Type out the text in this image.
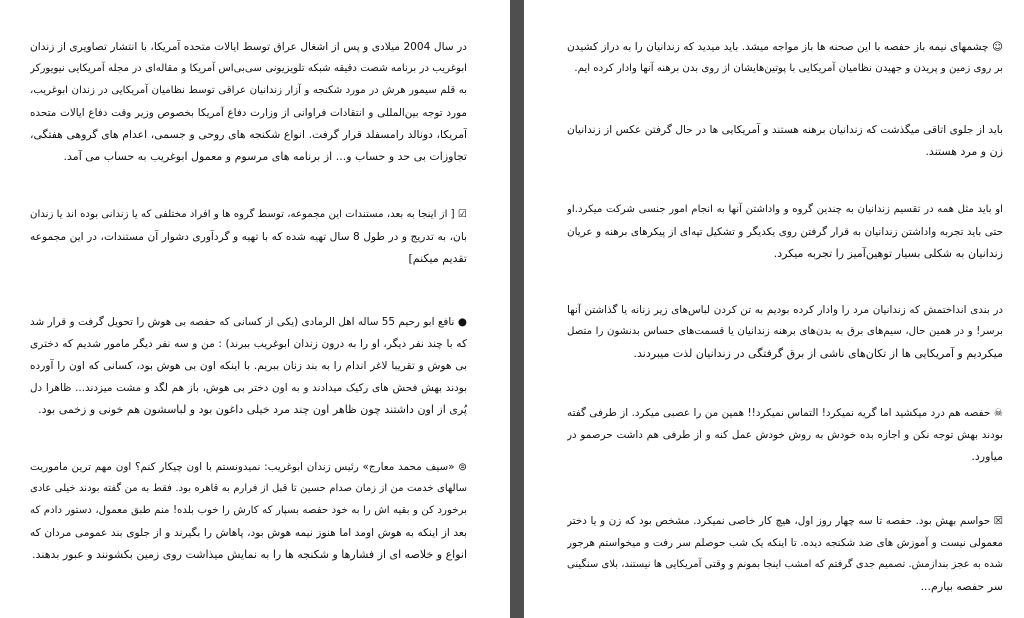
در سال 2004 میلادی و پس از اشغال عراق توسط ایالات متحده آمریکا، با انتشار تصاویری از زندان
ابوغریب در برنامه شصت دقیقه شبکه تلویزیونی سی‌بی‌اس آمریکا و مقاله‌ای در مجله آمریکایی نیویورکر
به قلم سیمور هرش در مورد شکنجه و آزار زندانیان عراقی توسط نظامیان آمریکایی در زندان ابوغریب،
مورد توجه بین‌المللی و انتقادات فراوانی از وزارت دفاع آمریکا بخصوص وزیر وقت دفاع ایالات متحده
آمریکا، دونالد رامسفلد قرار گرفت. انواع شکنجه های روحی و جسمی، اعدام های گروهی هفتگی،
تجاوزات بی حد و حساب و... از برنامه های مرسوم و معمول ابوغریب به حساب می آمد.
☑ [ از اینجا به بعد، مستندات این مجموعه، توسط گروه ها و افراد مختلفی که یا زندانی بوده اند یا زندان
بان، به تدریج و در طول 8 سال تهیه شده که با تهیه و گردآوری دشوار آن مستندات، در این مجموعه
تقدیم میکنم]
● نافع ابو رحیم 55 ساله اهل الرمادی (یکی از کسانی که حفصه بی هوش را تحویل گرفت و قرار شد
که با چند نفر دیگر، او را به درون زندان ابوغریب ببرند) : من و سه نفر دیگر مامور شدیم که دختری
بی هوش و تقریبا لاغر اندام را به بند زنان ببریم. با اینکه اون بی هوش بود، کسانی که اون را آورده
بودند بهش فحش های رکیک میدادند و به اون دختر بی هوش، باز هم لگد و مشت میزدند... ظاهرا دل
پُری از اون داشتند چون ظاهر اون چند مرد خیلی داغون بود و لباسشون هم خونی و زخمی بود.
⊜ «سیف محمد معارج» رئیس زندان ابوغریب: نمیدونستم با اون چیکار کنم؟ اون مهم ترین ماموریت
سالهای خدمت من از زمان صدام حسین تا قبل از فرارم به قاهره بود. فقط به من گفته بودند خیلی عادی
برخورد کن و بقیه اش را به خود حفصه بسپار که کارش را خوب بلده! منم طبق معمول، دستور دادم که
بعد از اینکه به هوش اومد اما هنوز نیمه هوش بود، پاهاش را بگیرند و از جلوی بند عمومی مردان که
انواع و خلاصه ای از فشارها و شکنجه ها را به نمایش میذاشت روی زمین بکشونند و عبور بدهند.
☺ چشمهای نیمه باز حفصه با این صحنه ها باز مواجه میشد. باید میدید که زندانیان را به دراز کشیدن
بر روی زمین و پریدن و جهیدن نظامیان آمریکایی با پوتین‌هایشان از روی بدن برهنه آنها وادار کرده ایم.
باید از جلوی اتاقی میگذشت که زندانیان برهنه هستند و آمریکایی ها در حال گرفتن عکس از زندانیان
زن و مرد هستند.
او باید مثل همه در تقسیم زندانیان به چندین گروه و واداشتن آنها به انجام امور جنسی شرکت میکرد.او
حتی باید تجربه واداشتن زندانیان به قرار گرفتن روی یکدیگر و تشکیل تپه‌ای از پیکرهای برهنه و عریان
زندانیان به شکلی بسیار توهین‌آمیز را تجربه میکرد.
در بندی انداختمش که زندانیان مرد را وادار کرده بودیم به تن کردن لباس‌های زیر زنانه یا گذاشتن آنها
برسر! و در همین حال، سیم‌های برق به بدن‌های برهنه زندانیان یا قسمت‌های حساس بدنشون را متصل
میکردیم و آمریکایی ها از تکان‌های ناشی از برق گرفتگی در زندانیان لذت میبردند.
☠ حفصه هم درد میکشید اما گریه نمیکرد! التماس نمیکرد!! همین من را عصبی میکرد. از طرفی گفته
بودند بهش توجه نکن و اجازه بده خودش به روش خودش عمل کنه و از طرفی هم داشت حرصمو در
میاورد.
☒ حواسم بهش بود. حفصه تا سه چهار روز اول، هیچ کار خاصی نمیکرد. مشخص بود که زن و یا دختر
معمولی نیست و آموزش های ضد شکنجه دیده. تا اینکه یک شب حوصلم سر رفت و میخواستم هرجور
شده به عجز بندازمش. تصمیم جدی گرفتم که امشب اینجا بمونم و وقتی آمریکایی ها نیستند، بلای سنگینی
سر حفصه بیارم...
